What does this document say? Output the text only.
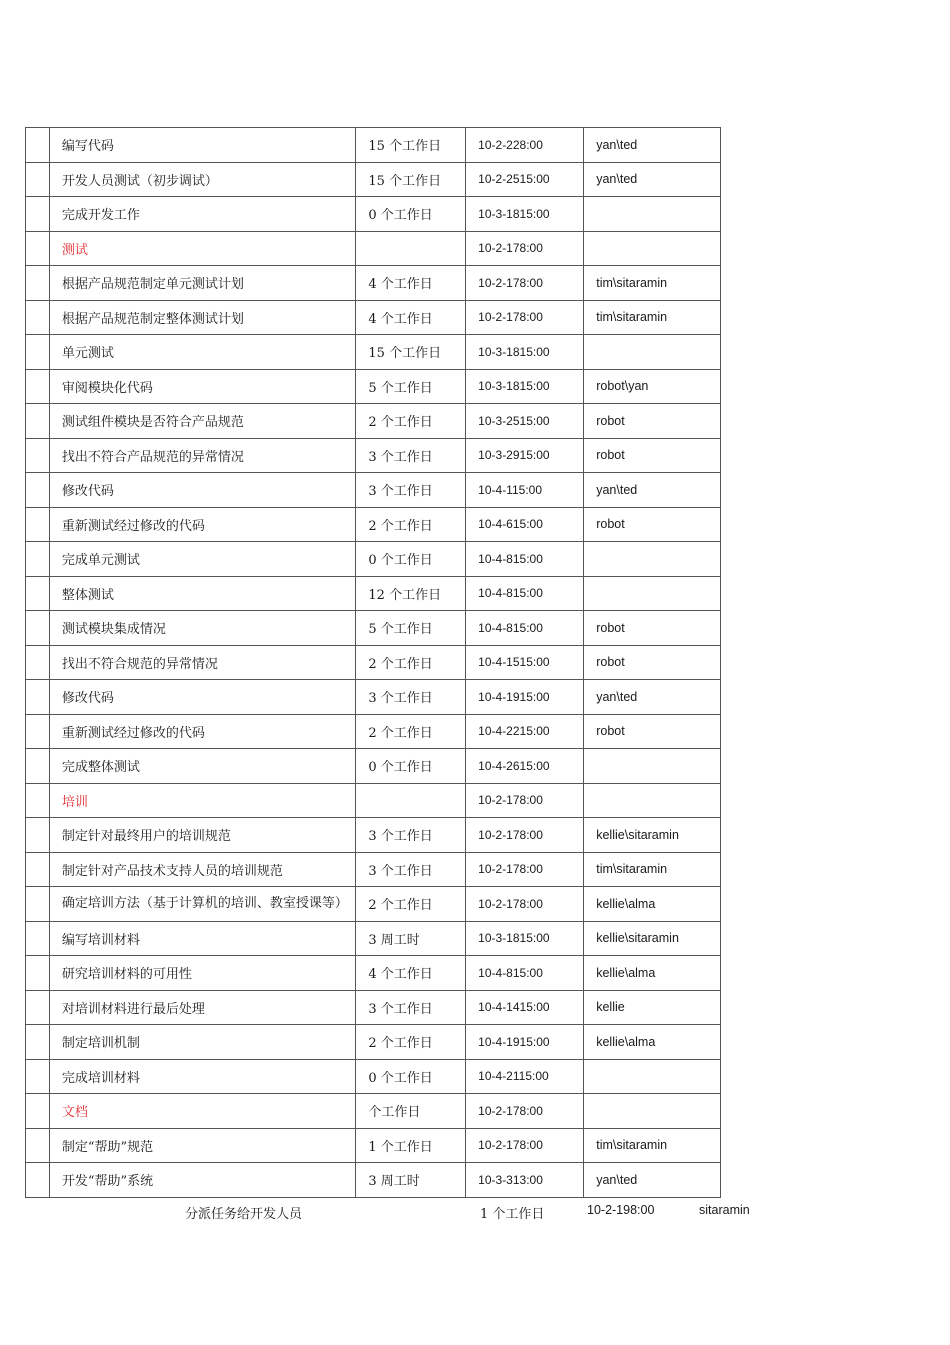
	编写代码	15 个工作日	10-2-228:00	yan\ted
	开发人员测试（初步调试）	15 个工作日	10-2-2515:00	yan\ted
	完成开发工作	0 个工作日	10-3-1815:00	
	测试		10-2-178:00	
	根据产品规范制定单元测试计划	4 个工作日	10-2-178:00	tim\sitaramin
	根据产品规范制定整体测试计划	4 个工作日	10-2-178:00	tim\sitaramin
	单元测试	15 个工作日	10-3-1815:00	
	审阅模块化代码	5 个工作日	10-3-1815:00	robot\yan
	测试组件模块是否符合产品规范	2 个工作日	10-3-2515:00	robot
	找出不符合产品规范的异常情况	3 个工作日	10-3-2915:00	robot
	修改代码	3 个工作日	10-4-115:00	yan\ted
	重新测试经过修改的代码	2 个工作日	10-4-615:00	robot
	完成单元测试	0 个工作日	10-4-815:00	
	整体测试	12 个工作日	10-4-815:00	
	测试模块集成情况	5 个工作日	10-4-815:00	robot
	找出不符合规范的异常情况	2 个工作日	10-4-1515:00	robot
	修改代码	3 个工作日	10-4-1915:00	yan\ted
	重新测试经过修改的代码	2 个工作日	10-4-2215:00	robot
	完成整体测试	0 个工作日	10-4-2615:00	
	培训		10-2-178:00	
	制定针对最终用户的培训规范	3 个工作日	10-2-178:00	kellie\sitaramin
	制定针对产品技术支持人员的培训规范	3 个工作日	10-2-178:00	tim\sitaramin
	确定培训方法（基于计算机的培训、教室授课等）	2 个工作日	10-2-178:00	kellie\alma
	编写培训材料	3 周工时	10-3-1815:00	kellie\sitaramin
	研究培训材料的可用性	4 个工作日	10-4-815:00	kellie\alma
	对培训材料进行最后处理	3 个工作日	10-4-1415:00	kellie
	制定培训机制	2 个工作日	10-4-1915:00	kellie\alma
	完成培训材料	0 个工作日	10-4-2115:00	
	文档	个工作日	10-2-178:00	
	制定“帮助”规范	1 个工作日	10-2-178:00	tim\sitaramin
	开发“帮助”系统	3 周工时	10-3-313:00	yan\ted
分派任务给开发人员	1 个工作日	10-2-198:00	sitaramin
